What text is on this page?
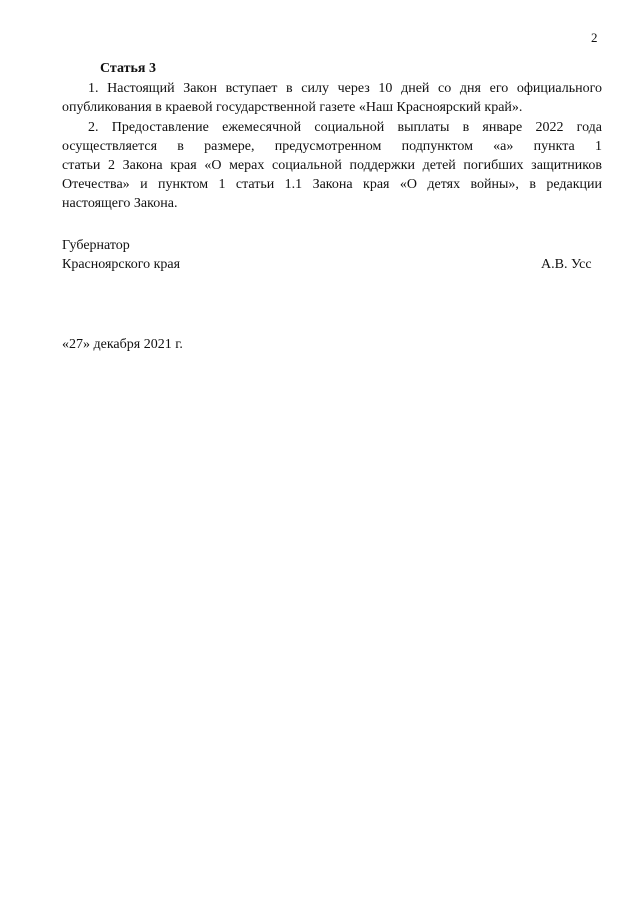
2
Статья 3
1. Настоящий Закон вступает в силу через 10 дней со дня его официального
опубликования в краевой государственной газете «Наш Красноярский край».
2. Предоставление ежемесячной социальной выплаты в январе 2022 года
осуществляется в размере, предусмотренном подпунктом «а» пункта 1
статьи 2 Закона края «О мерах социальной поддержки детей погибших защитников
Отечества» и пунктом 1 статьи 1.1 Закона края «О детях войны», в редакции
настоящего Закона.
Губернатор
Красноярского края	А.В. Усс
«27» декабря 2021 г.
